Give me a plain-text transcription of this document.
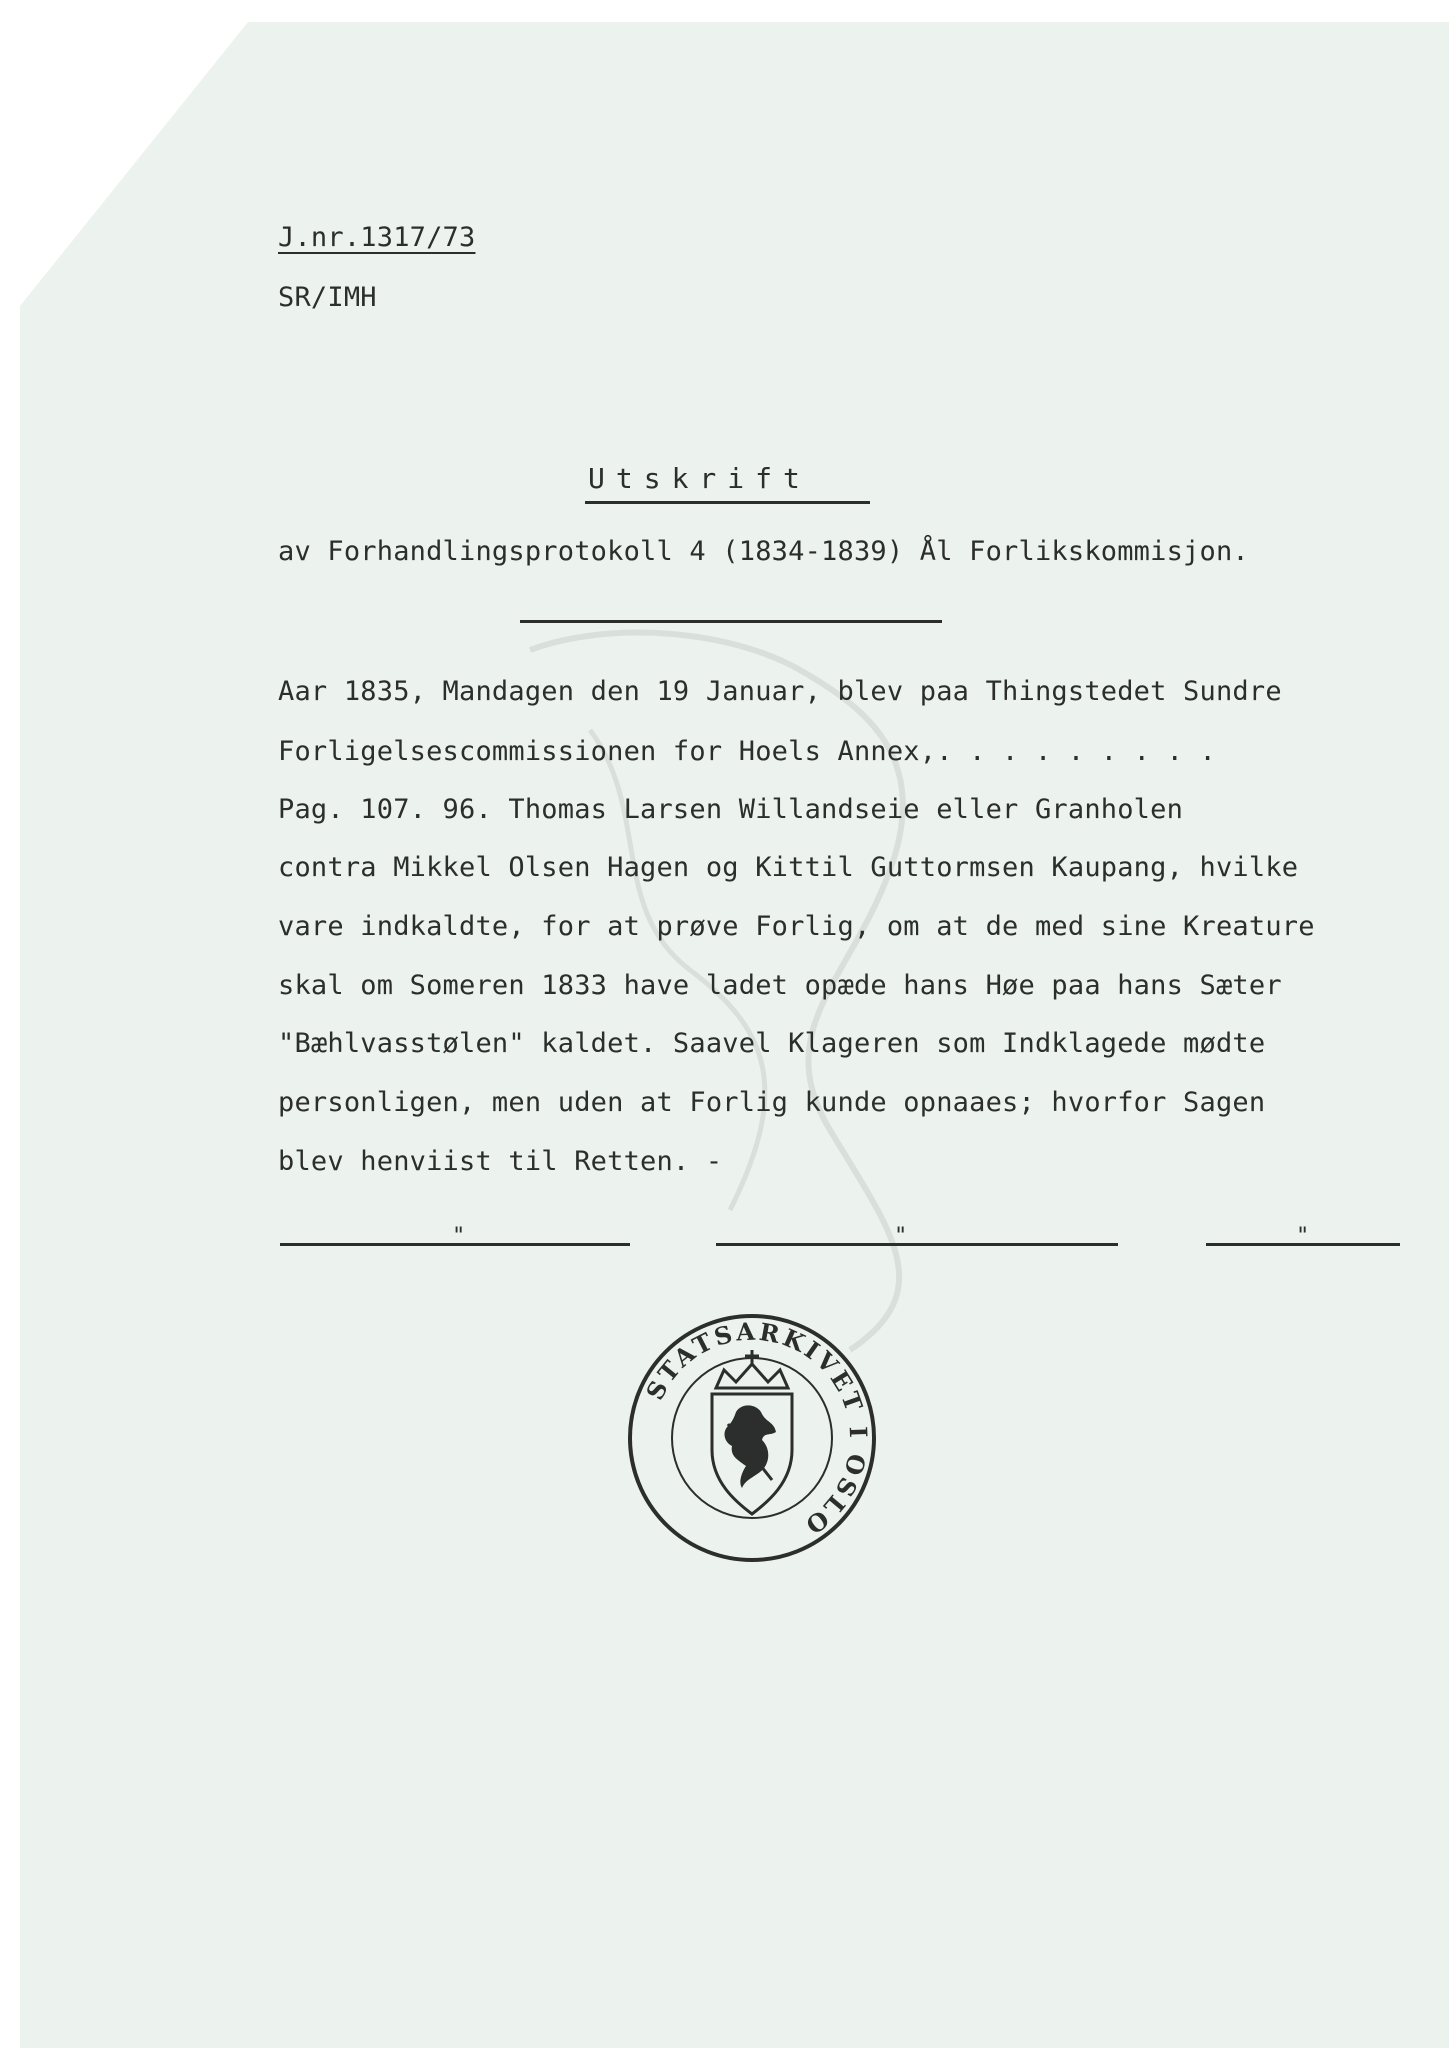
J.nr.1317/73
SR/IMH
Utskrift
av Forhandlingsprotokoll 4 (1834-1839) Ål Forlikskommisjon.
Aar 1835, Mandagen den 19 Januar, blev paa Thingstedet Sundre
Forligelsescommissionen for Hoels Annex,. . . . . . . . .
Pag. 107. 96. Thomas Larsen Willandseie eller Granholen
contra Mikkel Olsen Hagen og Kittil Guttormsen Kaupang, hvilke
vare indkaldte, for at prøve Forlig, om at de med sine Kreature
skal om Someren 1833 have ladet opæde hans Høe paa hans Sæter
"Bæhlvasstølen" kaldet. Saavel Klageren som Indklagede mødte
personligen, men uden at Forlig kunde opnaaes; hvorfor Sagen
blev henviist til Retten. -
"	"	"
STATSARKIVET I OSLO
